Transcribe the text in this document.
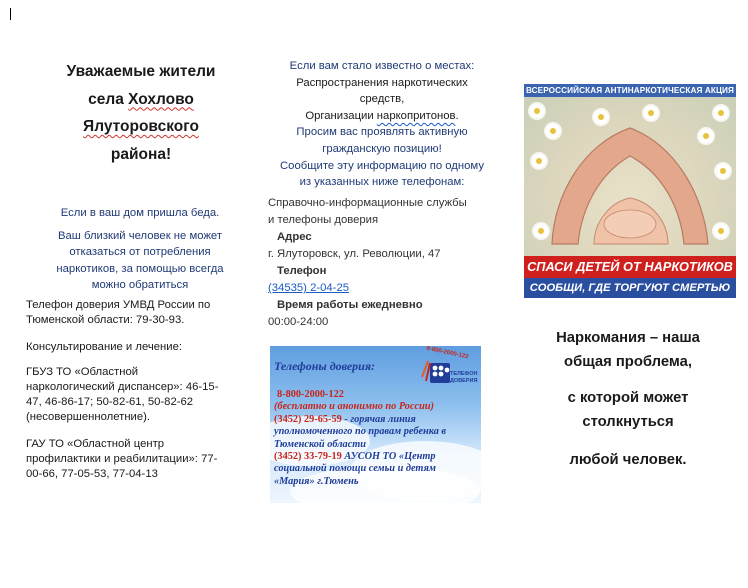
Уважаемые жители
села Хохлово
Ялуторовского
района!
Если в ваш дом пришла беда.
Ваш близкий человек не может
отказаться от потребления
наркотиков, за помощью всегда
можно обратиться
Телефон доверия УМВД России по
Тюменской области: 79-30-93.
Консультирование и лечение:
ГБУЗ ТО «Областной
наркологический диспансер»: 46-15-
47, 46-86-17; 50-82-61, 50-82-62
(несовершеннолетние).
ГАУ ТО «Областной центр
профилактики и реабилитации»: 77-
00-66, 77-05-53, 77-04-13
Если вам стало известно о местах:
Распространения наркотических
средств,
Организации наркопритонов.
Просим вас проявлять активную
гражданскую позицию!
Сообщите эту информацию по одному
из указанных ниже телефонам:
Справочно-информационные службы
и телефоны доверия
Адрес
г. Ялуторовск, ул. Революции, 47
Телефон
(34535) 2-04-25
Время работы ежедневно
00:00-24:00
8-800-2000-122
ТЕЛЕФОН
ДОВЕРИЯ
Телефоны доверия:
8-800-2000-122
(бесплатно и анонимно по России)
(3452) 29-65-59 - горячая линия
уполномоченного по правам ребенка в
Тюменской области
(3452) 33-79-19 АУСОН ТО «Центр
социальной помощи семьи и детям
«Мария» г.Тюмень
ВСЕРОССИЙСКАЯ АНТИНАРКОТИЧЕСКАЯ АКЦИЯ
СПАСИ ДЕТЕЙ ОТ НАРКОТИКОВ
СООБЩИ, ГДЕ ТОРГУЮТ СМЕРТЬЮ
Наркомания – наша
общая проблема,
с которой может
столкнуться
любой человек.
